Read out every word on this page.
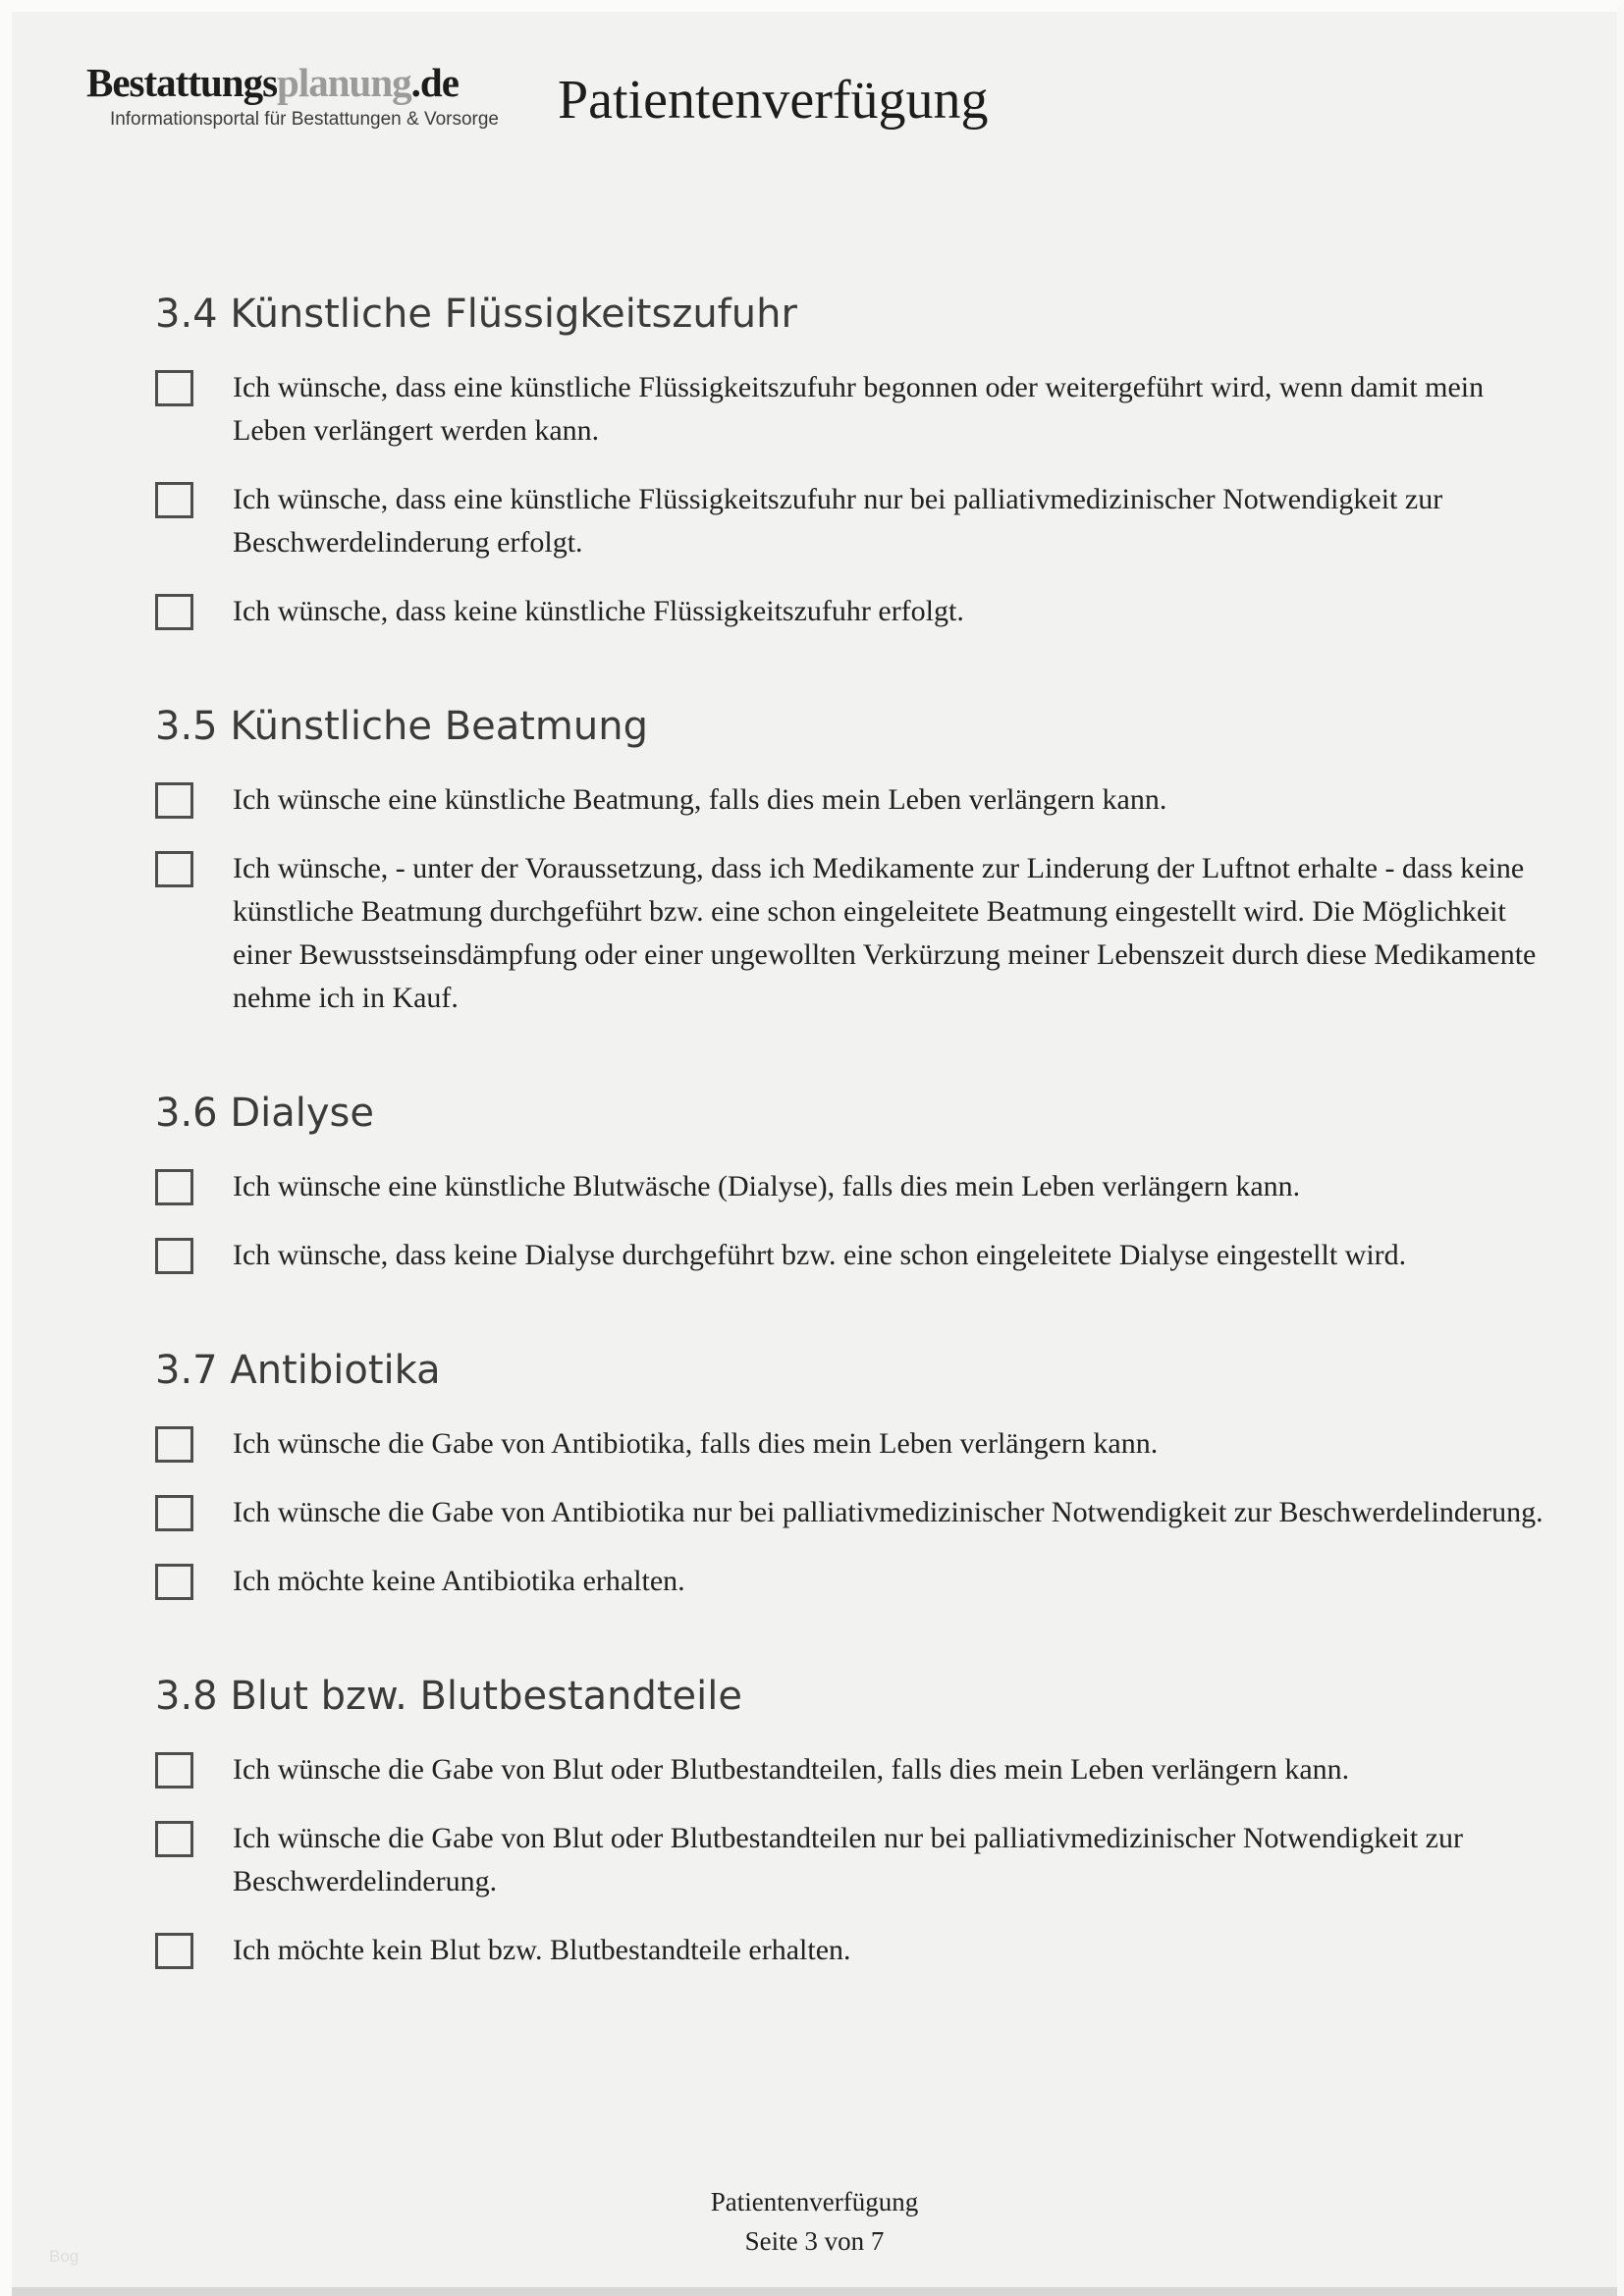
Bestattungsplanung.de
Informationsportal für Bestattungen & Vorsorge Patientenverfügung
3.4 Künstliche Flüssigkeitszufuhr

Ich wünsche, dass eine künstliche Flüssigkeitszufuhr begonnen oder weitergeführt wird, wenn damit mein Leben verlängert werden kann.

Ich wünsche, dass eine künstliche Flüssigkeitszufuhr nur bei palliativmedizinischer Notwendigkeit zur Beschwerdelinderung erfolgt.

Ich wünsche, dass keine künstliche Flüssigkeitszufuhr erfolgt.

3.5 Künstliche Beatmung

Ich wünsche eine künstliche Beatmung, falls dies mein Leben verlängern kann.

Ich wünsche, - unter der Voraussetzung, dass ich Medikamente zur Linderung der Luftnot erhalte - dass keine künstliche Beatmung durchgeführt bzw. eine schon eingeleitete Beatmung eingestellt wird. Die Möglichkeit einer Bewusstseinsdämpfung oder einer ungewollten Verkürzung meiner Lebenszeit durch diese Medikamente nehme ich in Kauf.

3.6 Dialyse

Ich wünsche eine künstliche Blutwäsche (Dialyse), falls dies mein Leben verlängern kann.

Ich wünsche, dass keine Dialyse durchgeführt bzw. eine schon eingeleitete Dialyse eingestellt wird.

3.7 Antibiotika

Ich wünsche die Gabe von Antibiotika, falls dies mein Leben verlängern kann.

Ich wünsche die Gabe von Antibiotika nur bei palliativmedizinischer Notwendigkeit zur Beschwerdelinderung.

Ich möchte keine Antibiotika erhalten.

3.8 Blut bzw. Blutbestandteile

Ich wünsche die Gabe von Blut oder Blutbestandteilen, falls dies mein Leben verlängern kann.

Ich wünsche die Gabe von Blut oder Blutbestandteilen nur bei palliativmedizinischer Notwendigkeit zur Beschwerdelinderung.

Ich möchte kein Blut bzw. Blutbestandteile erhalten.

Patientenverfügung
Seite 3 von 7
Bog
